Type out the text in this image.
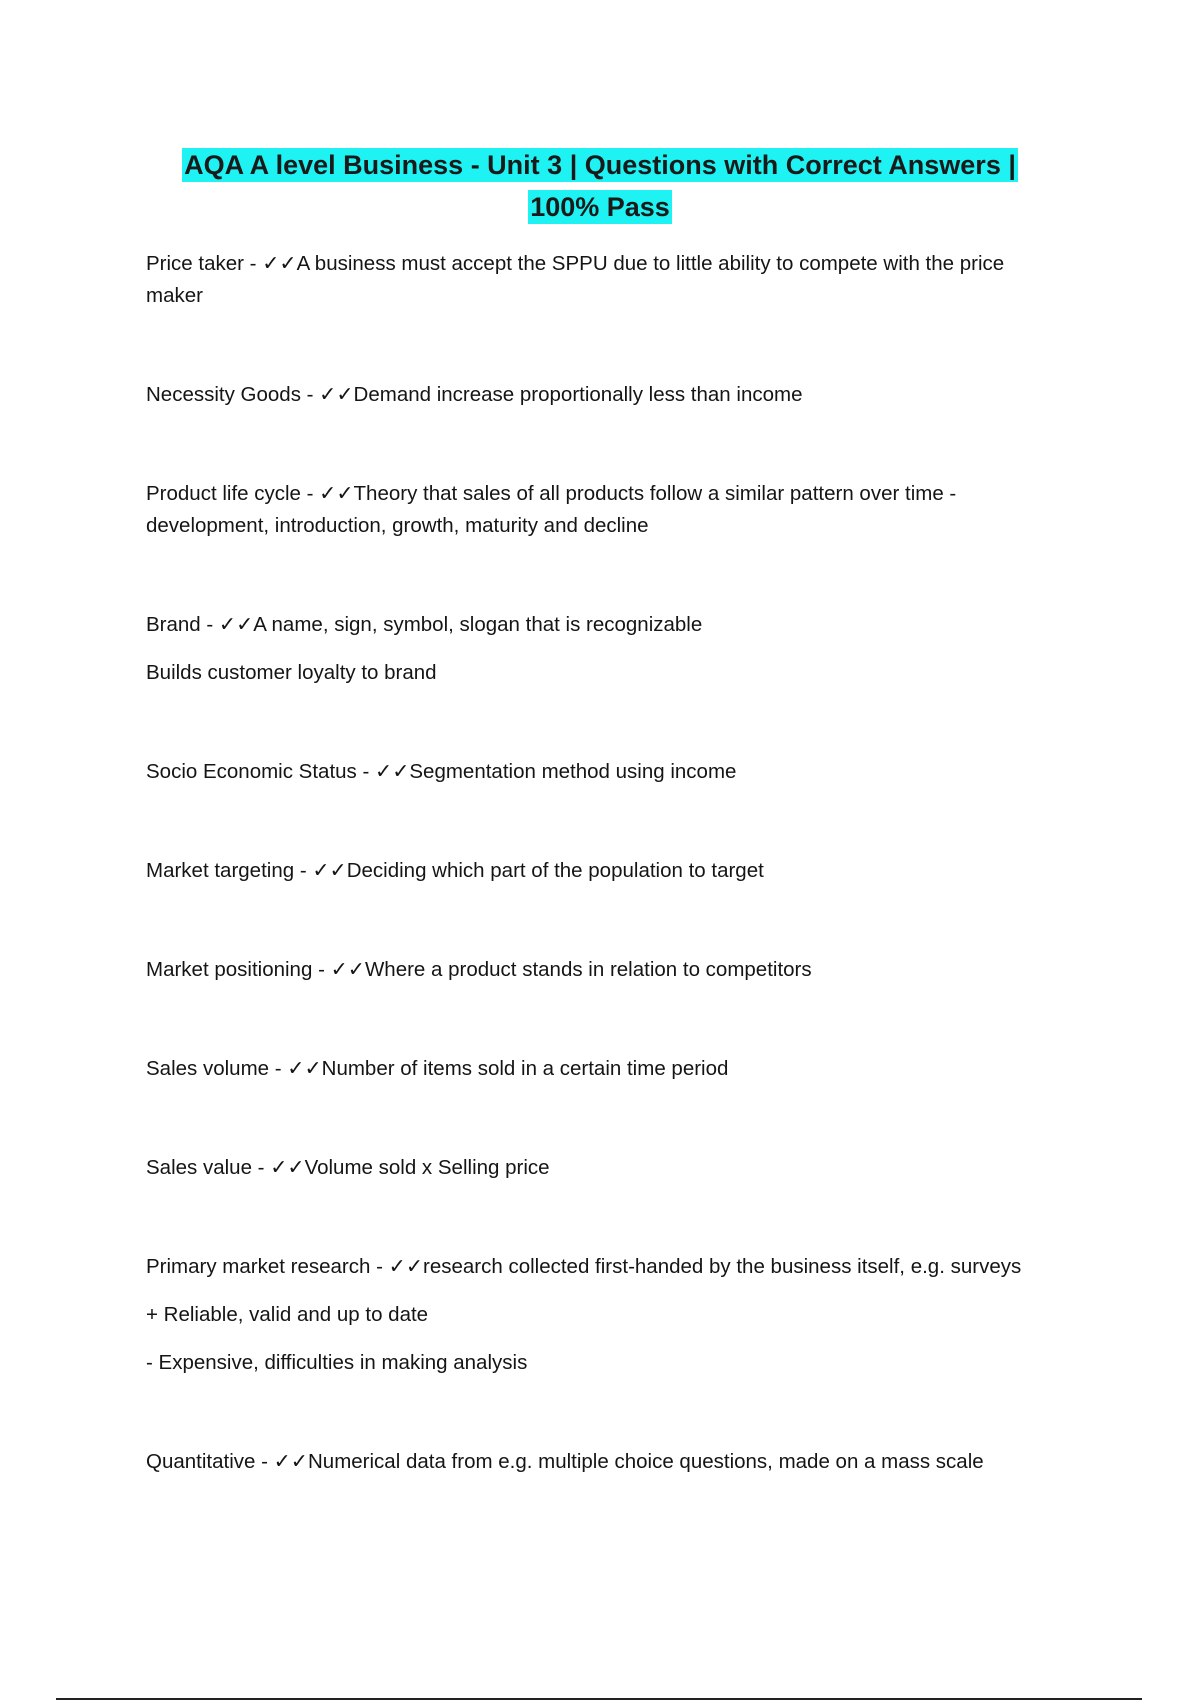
AQA A level Business - Unit 3 | Questions with Correct Answers |
100% Pass

Price taker - ✓✓A business must accept the SPPU due to little ability to compete with the price maker

Necessity Goods - ✓✓Demand increase proportionally less than income

Product life cycle - ✓✓Theory that sales of all products follow a similar pattern over time - development, introduction, growth, maturity and decline

Brand - ✓✓A name, sign, symbol, slogan that is recognizable

Builds customer loyalty to brand

Socio Economic Status - ✓✓Segmentation method using income

Market targeting - ✓✓Deciding which part of the population to target

Market positioning - ✓✓Where a product stands in relation to competitors

Sales volume - ✓✓Number of items sold in a certain time period

Sales value - ✓✓Volume sold x Selling price

Primary market research - ✓✓research collected first-handed by the business itself, e.g. surveys

+ Reliable, valid and up to date

- Expensive, difficulties in making analysis

Quantitative - ✓✓Numerical data from e.g. multiple choice questions, made on a mass scale
